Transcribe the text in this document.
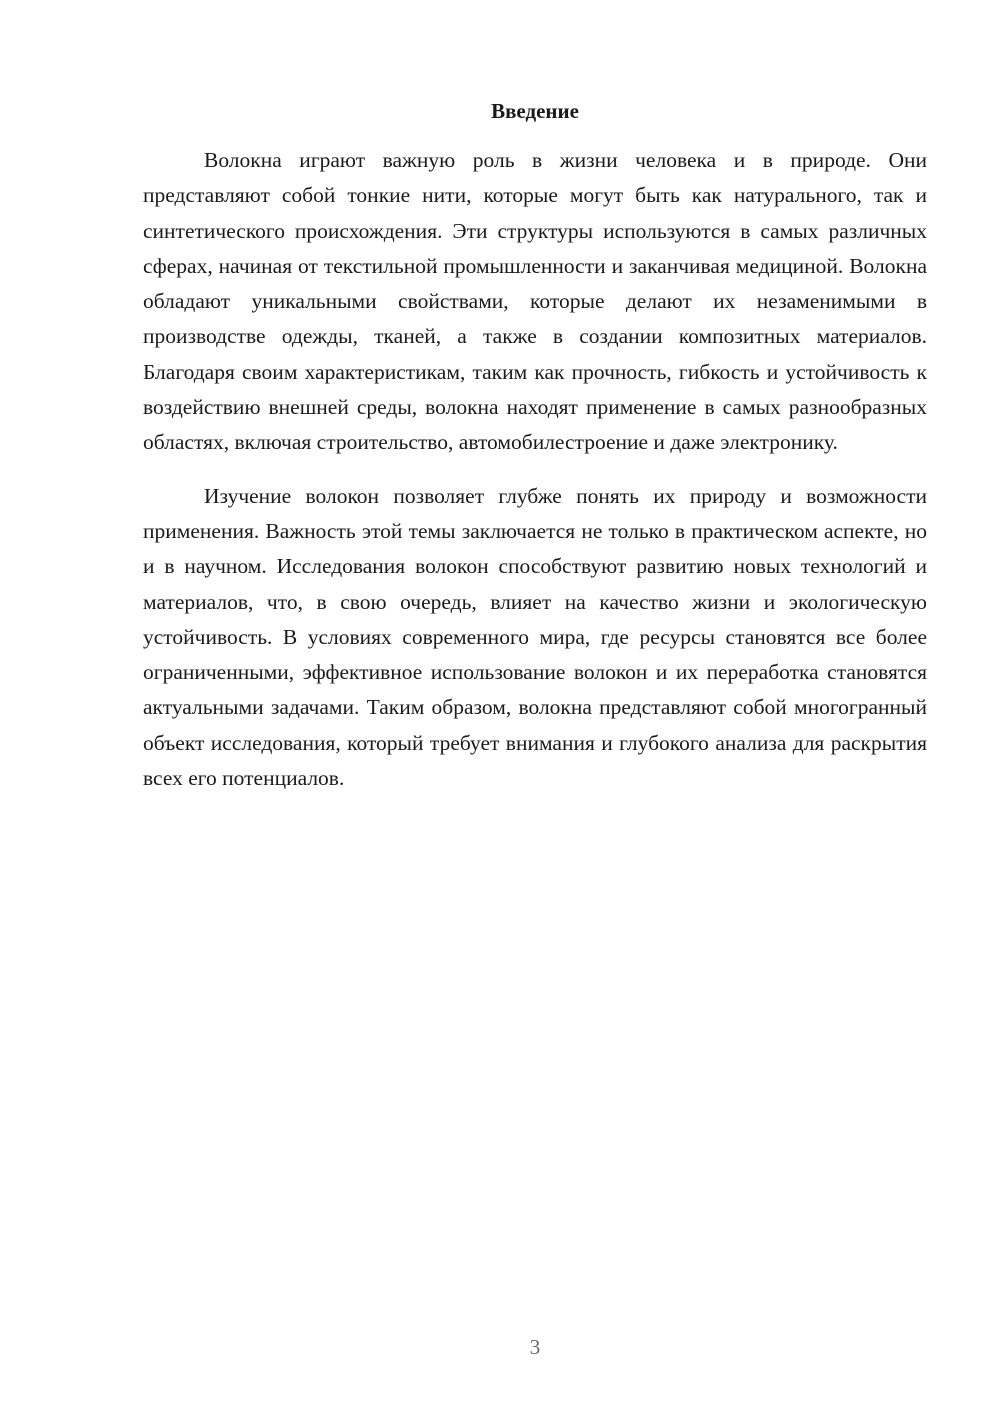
Введение

Волокна играют важную роль в жизни человека и в природе. Они представляют собой тонкие нити, которые могут быть как натурального, так и синтетического происхождения. Эти структуры используются в самых различных сферах, начиная от текстильной промышленности и заканчивая медициной. Волокна обладают уникальными свойствами, которые делают их незаменимыми в производстве одежды, тканей, а также в создании композитных материалов. Благодаря своим характеристикам, таким как прочность, гибкость и устойчивость к воздействию внешней среды, волокна находят применение в самых разнообразных областях, включая строительство, автомобилестроение и даже электронику.

Изучение волокон позволяет глубже понять их природу и возможности применения. Важность этой темы заключается не только в практическом аспекте, но и в научном. Исследования волокон способствуют развитию новых технологий и материалов, что, в свою очередь, влияет на качество жизни и экологическую устойчивость. В условиях современного мира, где ресурсы становятся все более ограниченными, эффективное использование волокон и их переработка становятся актуальными задачами. Таким образом, волокна представляют собой многогранный объект исследования, который требует внимания и глубокого анализа для раскрытия всех его потенциалов.

3
